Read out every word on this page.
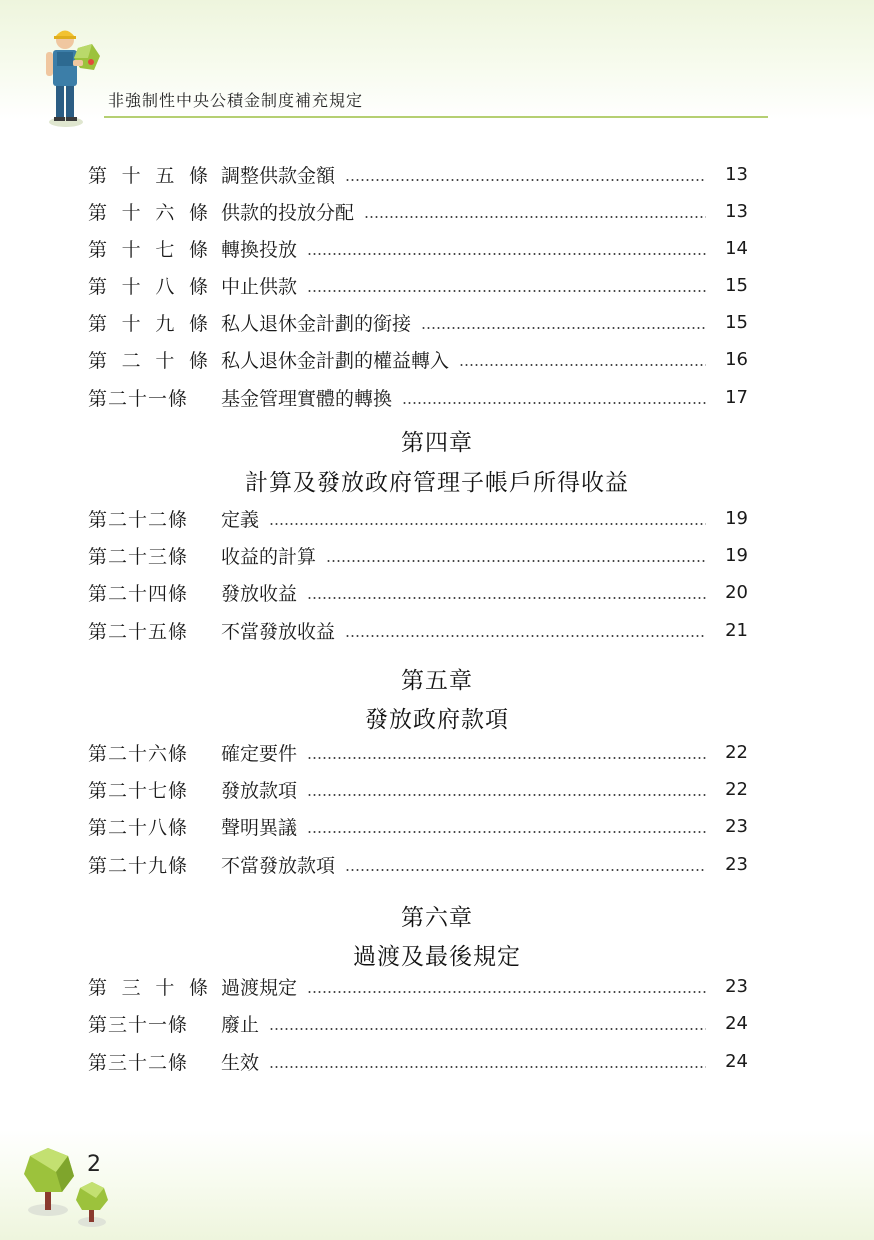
非強制性中央公積金制度補充規定
第 十 五 條 調整供款金額	13
第 十 六 條 供款的投放分配	13
第 十 七 條 轉換投放	14
第 十 八 條 中止供款	15
第 十 九 條 私人退休金計劃的銜接	15
第 二 十 條 私人退休金計劃的權益轉入	16
第二十一條	基金管理實體的轉換	17
第四章
計算及發放政府管理子帳戶所得收益
第二十二條	定義	19
第二十三條	收益的計算	19
第二十四條	發放收益	20
第二十五條	不當發放收益	21
第五章
發放政府款項
第二十六條	確定要件	22
第二十七條	發放款項	22
第二十八條	聲明異議	23
第二十九條	不當發放款項	23
第六章
過渡及最後規定
第 三 十 條 過渡規定	23
第三十一條	廢止	24
第三十二條	生效	24
2
